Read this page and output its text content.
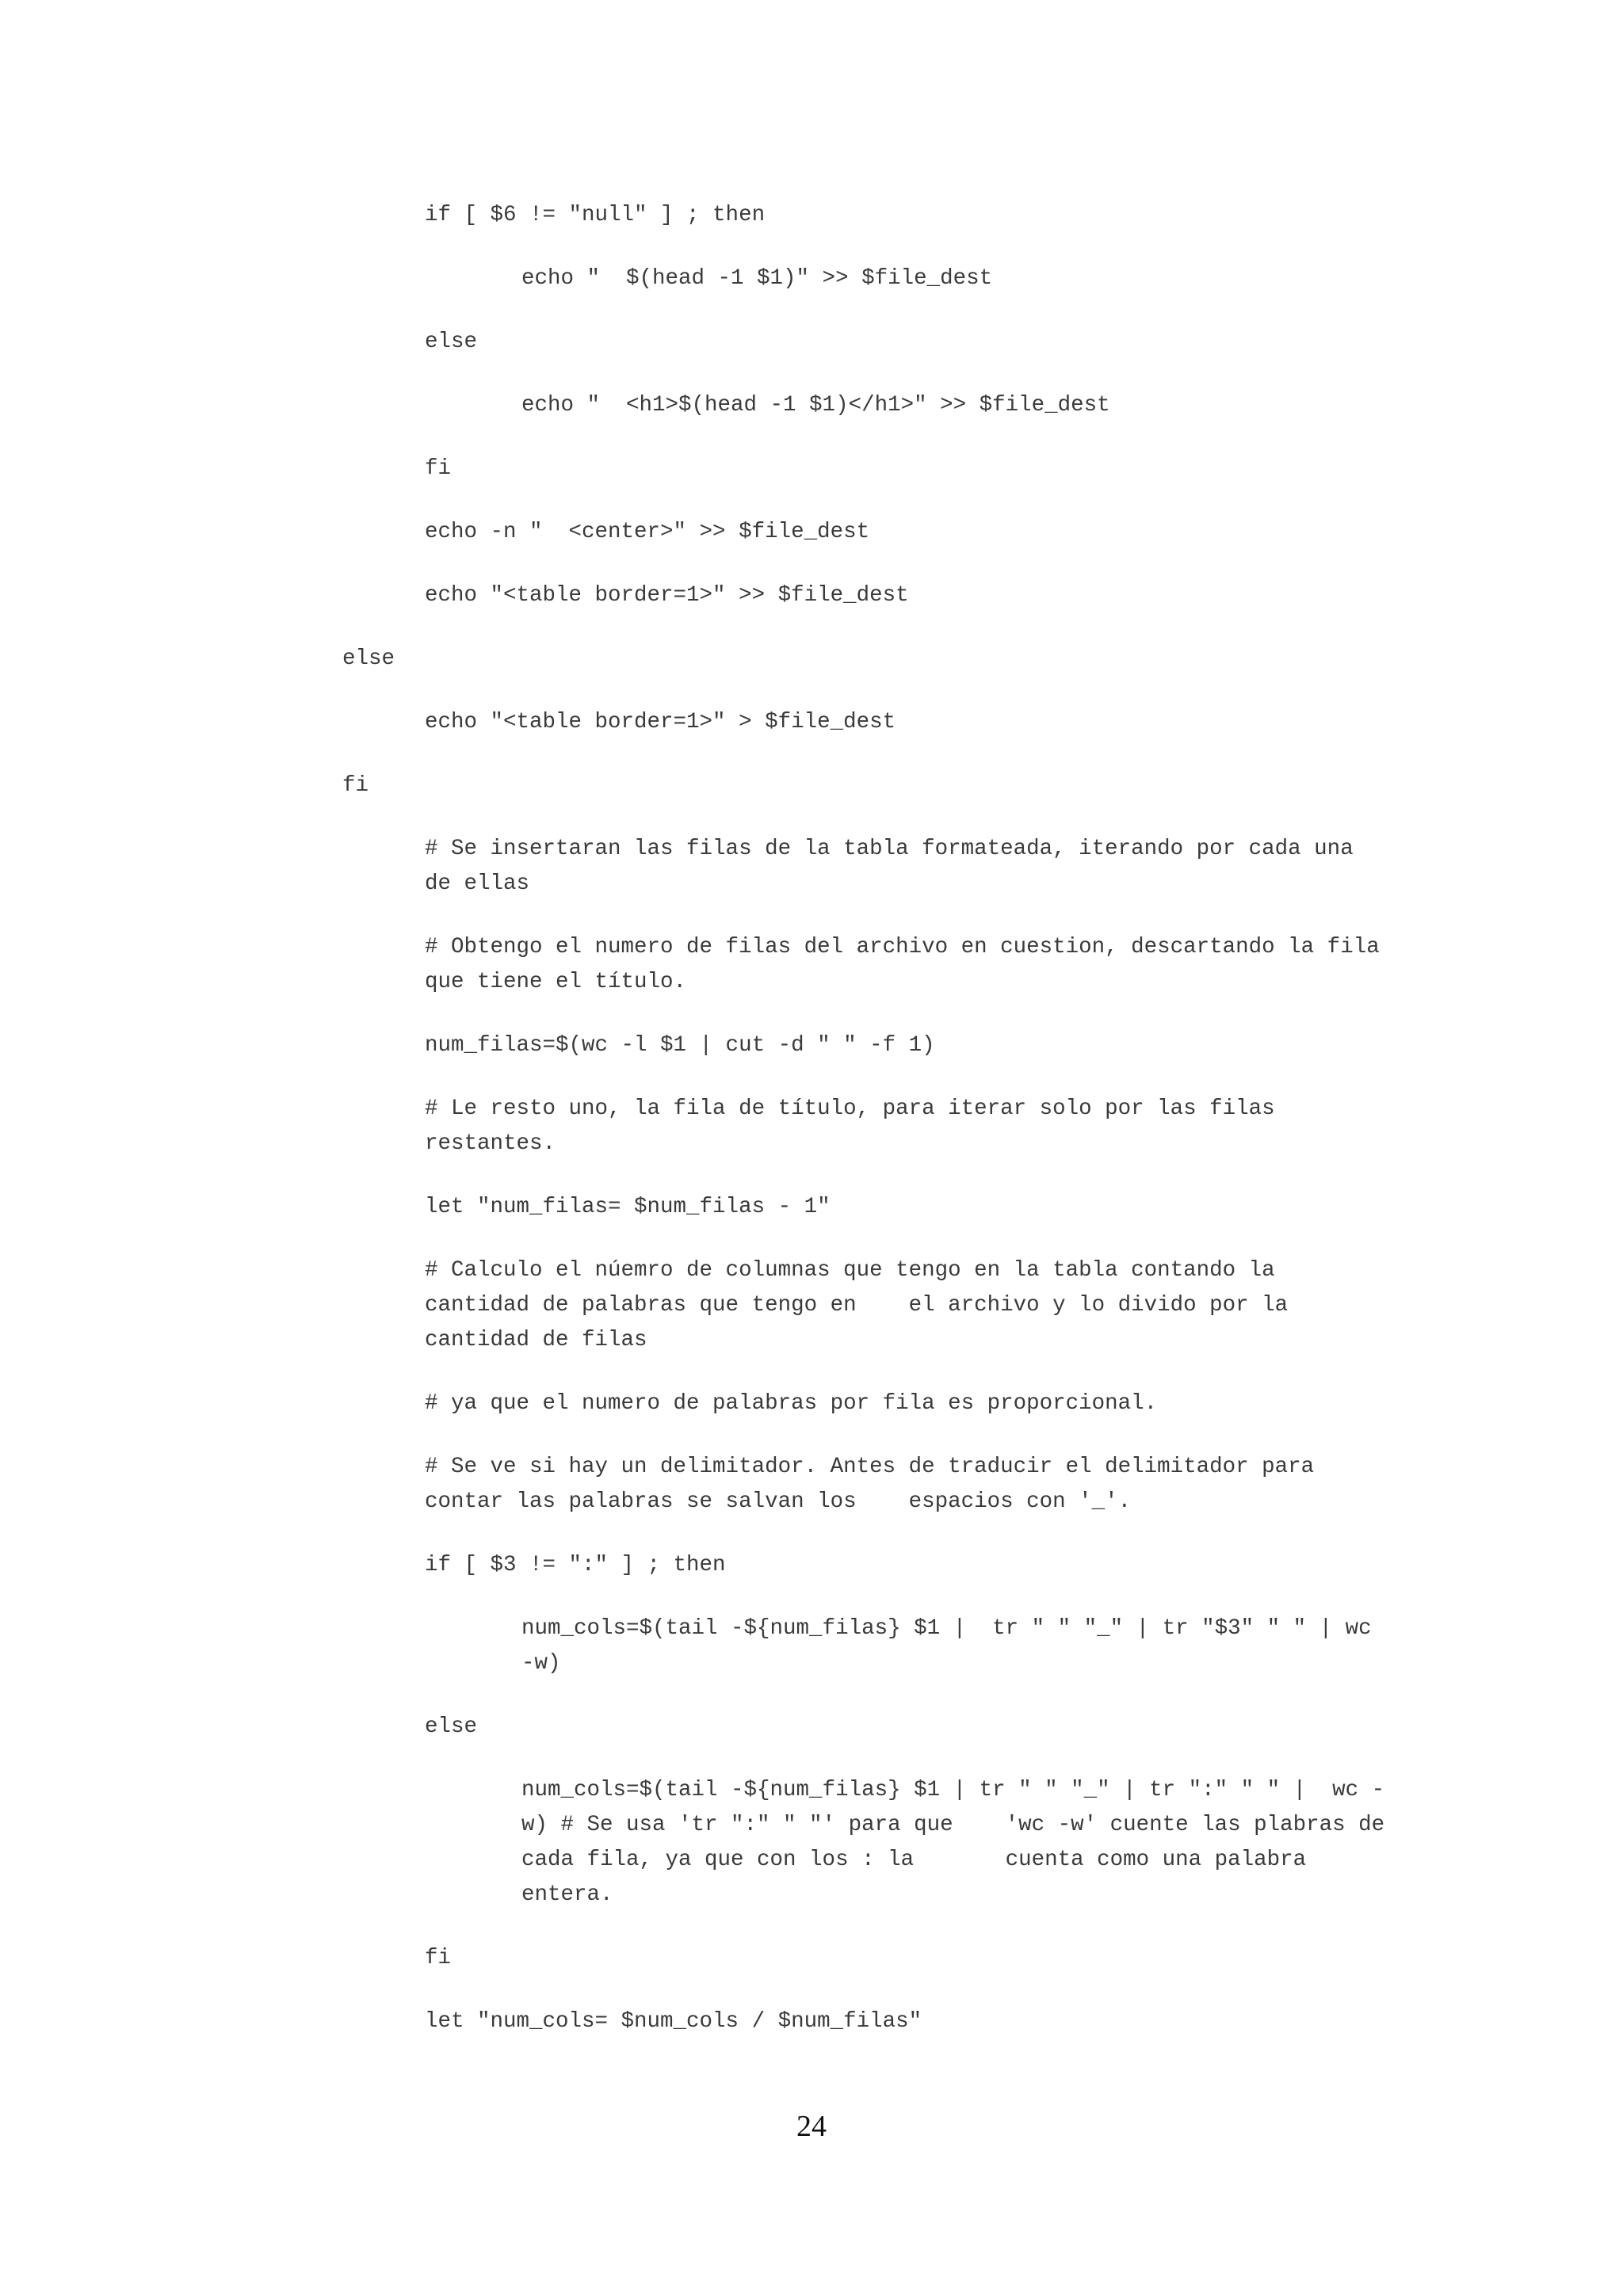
if [ $6 != "null" ] ; then
echo "  $(head -1 $1)" >> $file_dest
else
echo "  <h1>$(head -1 $1)</h1>" >> $file_dest
fi
echo -n "  <center>" >> $file_dest
echo "<table border=1>" >> $file_dest
else
echo "<table border=1>" > $file_dest
fi
# Se insertaran las filas de la tabla formateada, iterando por cada una
de ellas
# Obtengo el numero de filas del archivo en cuestion, descartando la fila
que tiene el título.
num_filas=$(wc -l $1 | cut -d " " -f 1)
# Le resto uno, la fila de título, para iterar solo por las filas
restantes.
let "num_filas= $num_filas - 1"
# Calculo el núemro de columnas que tengo en la tabla contando la
cantidad de palabras que tengo en    el archivo y lo divido por la
cantidad de filas
# ya que el numero de palabras por fila es proporcional.
# Se ve si hay un delimitador. Antes de traducir el delimitador para
contar las palabras se salvan los    espacios con '_'.
if [ $3 != ":" ] ; then
num_cols=$(tail -${num_filas} $1 |  tr " " "_" | tr "$3" " " | wc
-w)
else
num_cols=$(tail -${num_filas} $1 | tr " " "_" | tr ":" " " |  wc -
w) # Se usa 'tr ":" " "' para que    'wc -w' cuente las plabras de
cada fila, ya que con los : la       cuenta como una palabra
entera.
fi
let "num_cols= $num_cols / $num_filas"
24
